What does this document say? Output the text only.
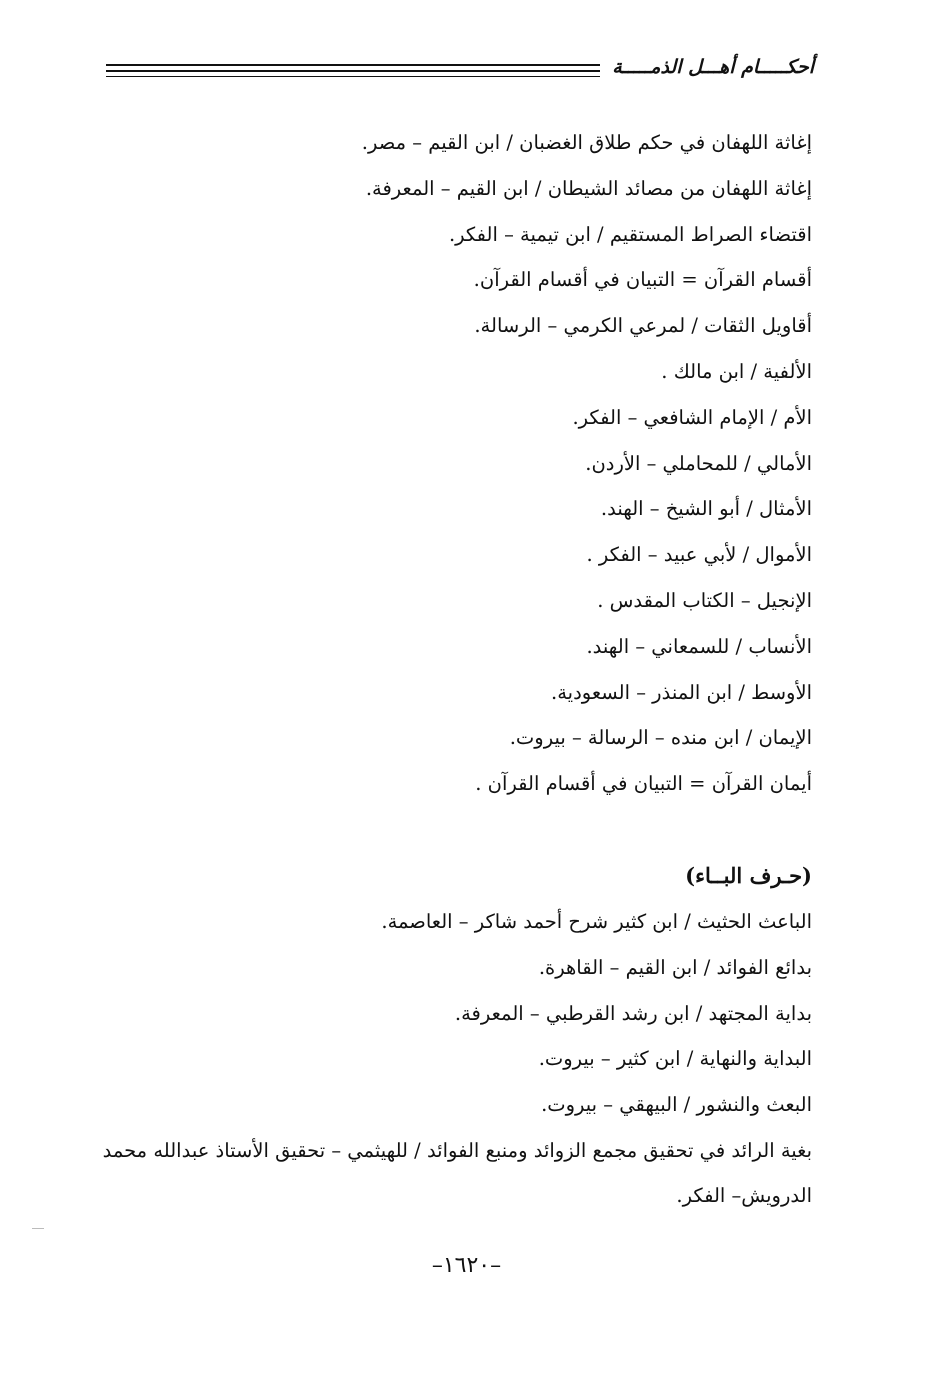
أحكـــــام أهـــل الذمـــــة
إغاثة اللهفان في حكم طلاق الغضبان / ابن القيم – مصر.
إغاثة اللهفان من مصائد الشيطان / ابن القيم – المعرفة.
اقتضاء الصراط المستقيم / ابن تيمية – الفكر.
أقسام القرآن = التبيان في أقسام القرآن.
أقاويل الثقات / لمرعي الكرمي – الرسالة.
الألفية / ابن مالك .
الأم / الإمام الشافعي – الفكر.
الأمالي / للمحاملي – الأردن.
الأمثال / أبو الشيخ – الهند.
الأموال / لأبي عبيد – الفكر .
الإنجيل – الكتاب المقدس .
الأنساب / للسمعاني – الهند.
الأوسط / ابن المنذر – السعودية.
الإيمان / ابن منده – الرسالة – بيروت.
أيمان القرآن = التبيان في أقسام القرآن .
(حـرف البــاء)
الباعث الحثيث / ابن كثير شرح أحمد شاكر – العاصمة.
بدائع الفوائد / ابن القيم – القاهرة.
بداية المجتهد / ابن رشد القرطبي – المعرفة.
البداية والنهاية / ابن كثير – بيروت.
البعث والنشور / البيهقي – بيروت.
بغية الرائد في تحقيق مجمع الزوائد ومنبع الفوائد / للهيثمي – تحقيق الأستاذ عبدالله محمد الدرويش– الفكر.
–١٦٢٠–
